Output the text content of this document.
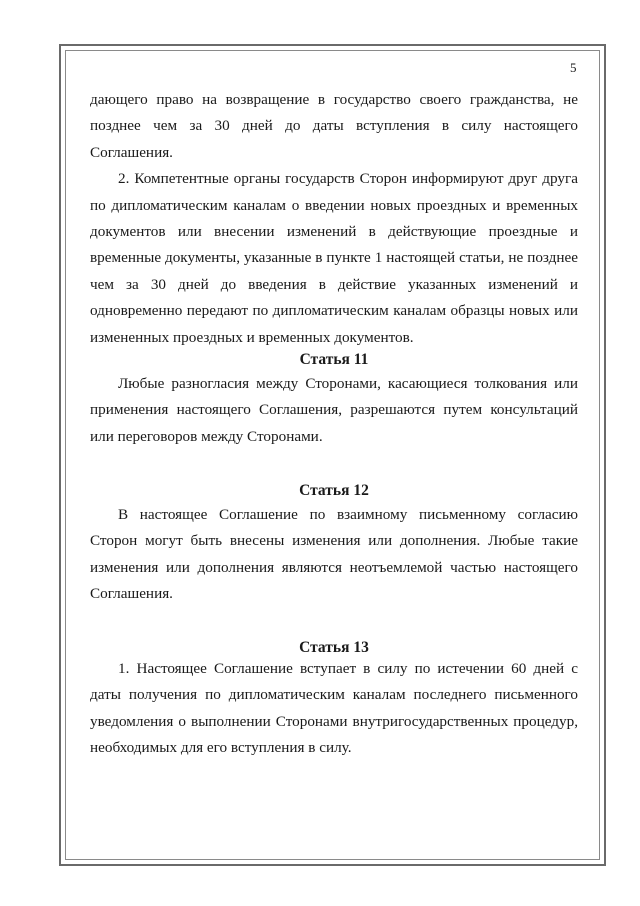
5

дающего право на возвращение в государство своего гражданства, не позднее чем за 30 дней до даты вступления в силу настоящего Соглашения.

2. Компетентные органы государств Сторон информируют друг друга по дипломатическим каналам о введении новых проездных и временных документов или внесении изменений в действующие проездные и временные документы, указанные в пункте 1 настоящей статьи, не позднее чем за 30 дней до введения в действие указанных изменений и одновременно передают по дипломатическим каналам образцы новых или измененных проездных и временных документов.

Статья 11

Любые разногласия между Сторонами, касающиеся толкования или применения настоящего Соглашения, разрешаются путем консультаций или переговоров между Сторонами.

Статья 12

В настоящее Соглашение по взаимному письменному согласию Сторон могут быть внесены изменения или дополнения. Любые такие изменения или дополнения являются неотъемлемой частью настоящего Соглашения.

Статья 13

1. Настоящее Соглашение вступает в силу по истечении 60 дней с даты получения по дипломатическим каналам последнего письменного уведомления о выполнении Сторонами внутригосударственных процедур, необходимых для его вступления в силу.
